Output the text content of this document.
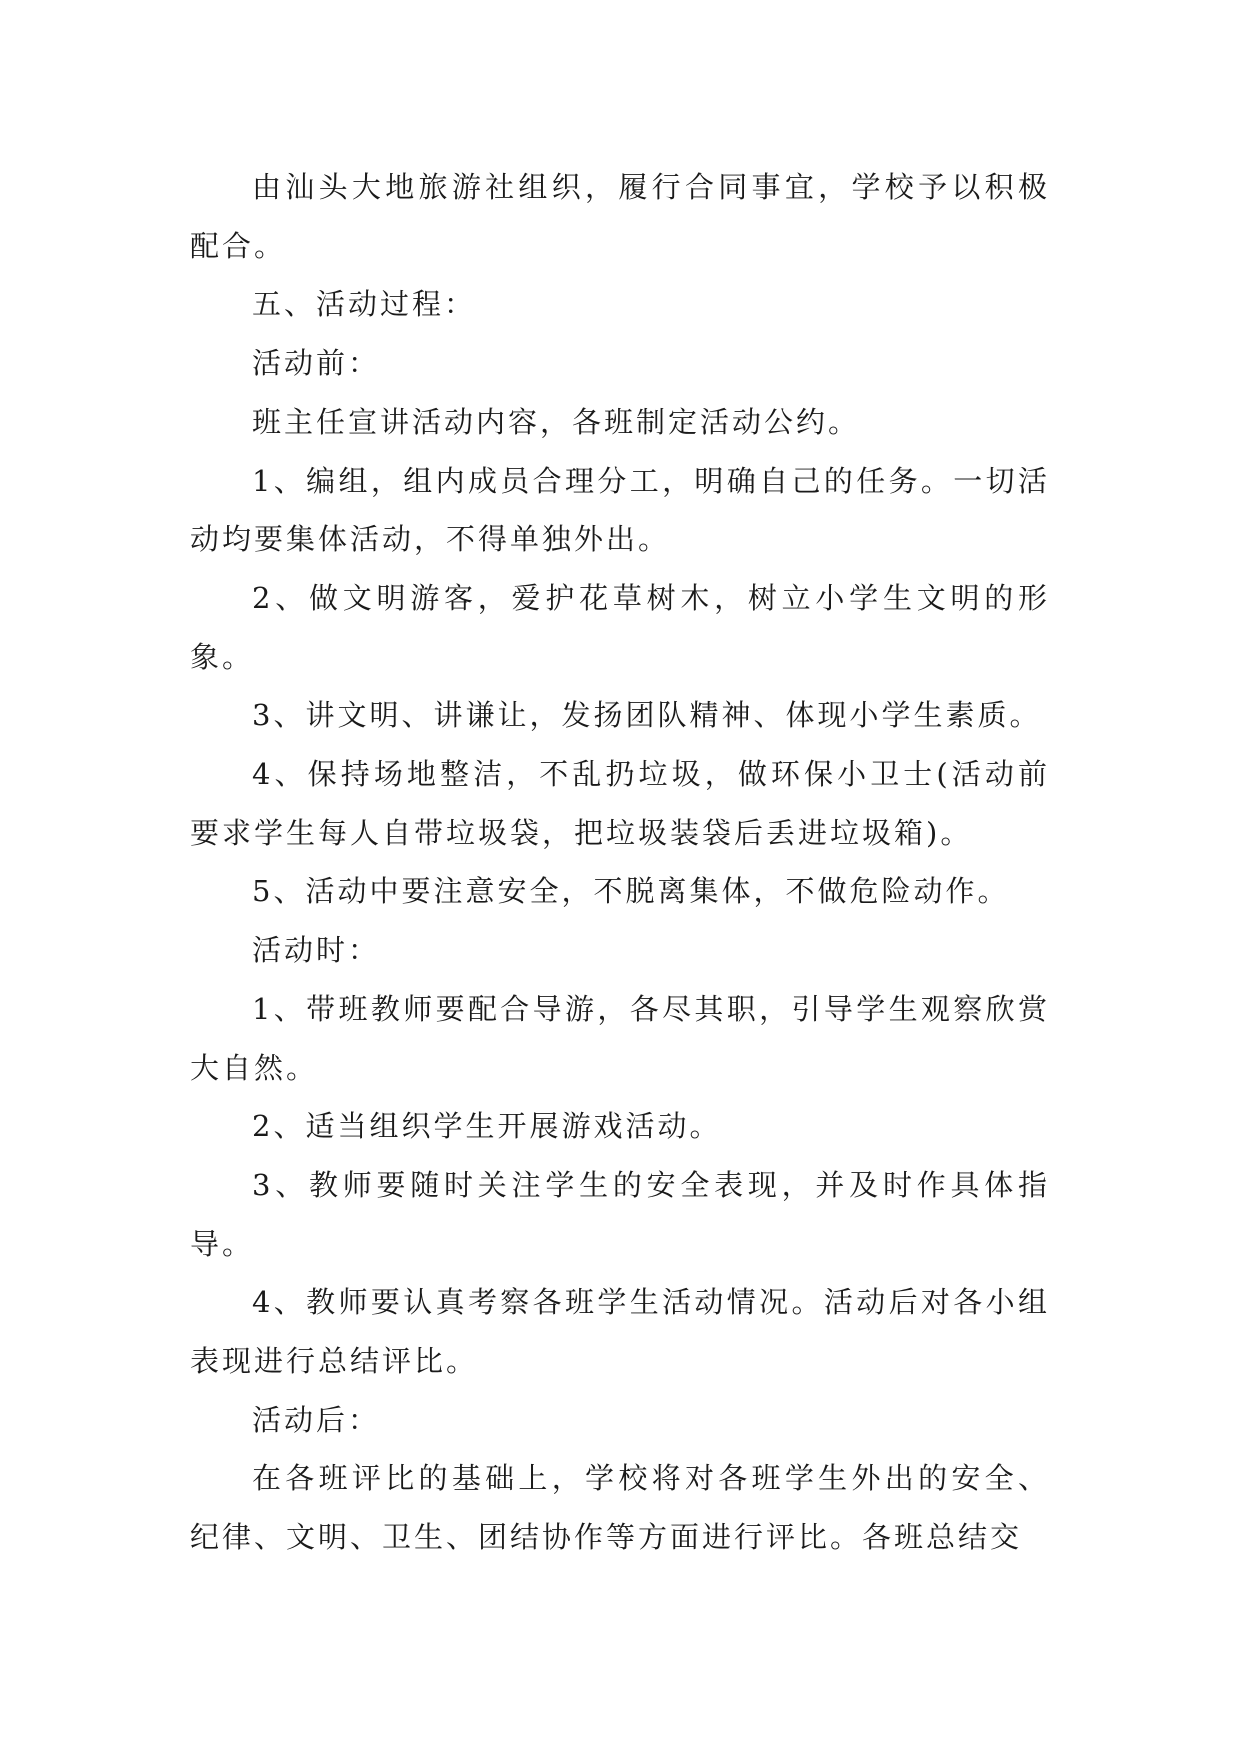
由汕头大地旅游社组织，履行合同事宜，学校予以积极配合。

五、活动过程：

活动前：

班主任宣讲活动内容，各班制定活动公约。

1、编组，组内成员合理分工，明确自己的任务。一切活动均要集体活动，不得单独外出。

2、做文明游客，爱护花草树木，树立小学生文明的形象。

3、讲文明、讲谦让，发扬团队精神、体现小学生素质。

4、保持场地整洁，不乱扔垃圾，做环保小卫士(活动前要求学生每人自带垃圾袋，把垃圾装袋后丢进垃圾箱)。

5、活动中要注意安全，不脱离集体，不做危险动作。

活动时：

1、带班教师要配合导游，各尽其职，引导学生观察欣赏大自然。

2、适当组织学生开展游戏活动。

3、教师要随时关注学生的安全表现，并及时作具体指导。

4、教师要认真考察各班学生活动情况。活动后对各小组表现进行总结评比。

活动后：

在各班评比的基础上，学校将对各班学生外出的安全、纪律、文明、卫生、团结协作等方面进行评比。各班总结交
